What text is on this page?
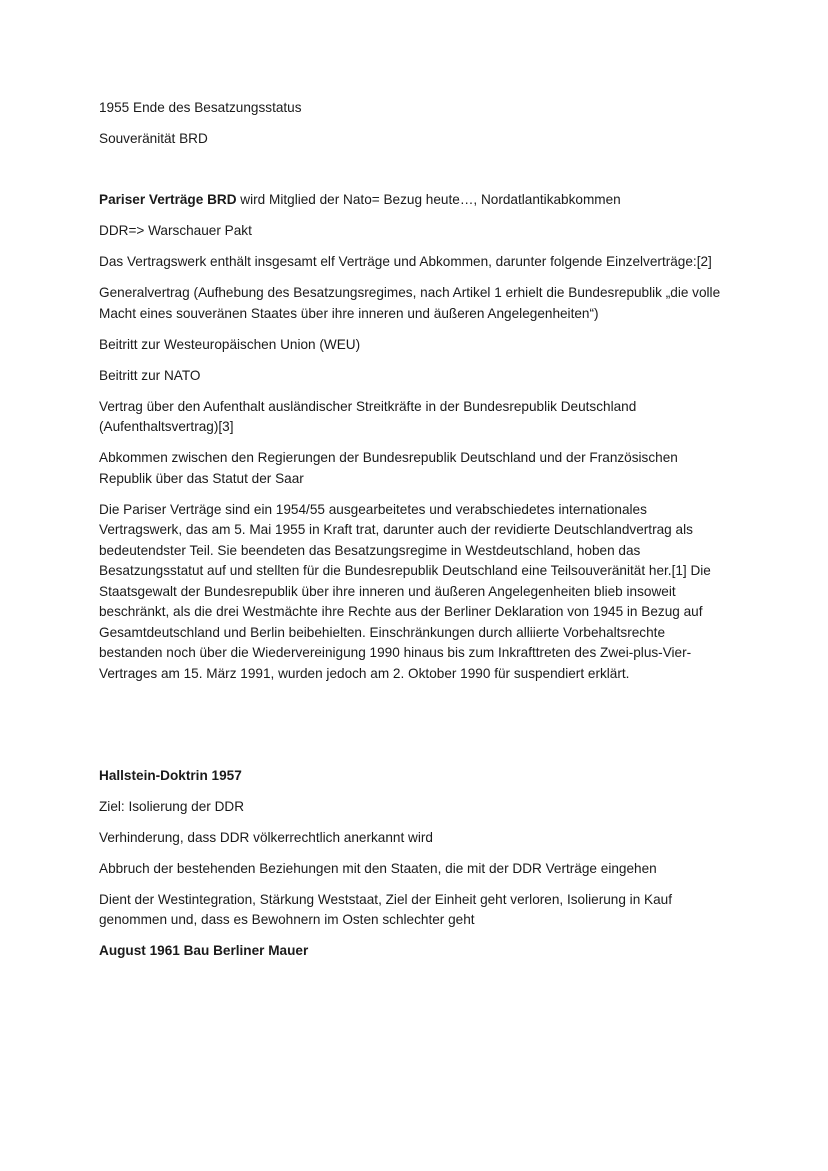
1955 Ende des Besatzungsstatus

Souveränität BRD

Pariser Verträge BRD wird Mitglied der Nato= Bezug heute…, Nordatlantikabkommen

DDR=> Warschauer Pakt

Das Vertragswerk enthält insgesamt elf Verträge und Abkommen, darunter folgende Einzelverträge:[2]

Generalvertrag (Aufhebung des Besatzungsregimes, nach Artikel 1 erhielt die Bundesrepublik „die volle Macht eines souveränen Staates über ihre inneren und äußeren Angelegenheiten“)

Beitritt zur Westeuropäischen Union (WEU)

Beitritt zur NATO

Vertrag über den Aufenthalt ausländischer Streitkräfte in der Bundesrepublik Deutschland (Aufenthaltsvertrag)[3]

Abkommen zwischen den Regierungen der Bundesrepublik Deutschland und der Französischen Republik über das Statut der Saar

Die Pariser Verträge sind ein 1954/55 ausgearbeitetes und verabschiedetes internationales Vertragswerk, das am 5. Mai 1955 in Kraft trat, darunter auch der revidierte Deutschlandvertrag als bedeutendster Teil. Sie beendeten das Besatzungsregime in Westdeutschland, hoben das Besatzungsstatut auf und stellten für die Bundesrepublik Deutschland eine Teilsouveränität her.[1] Die Staatsgewalt der Bundesrepublik über ihre inneren und äußeren Angelegenheiten blieb insoweit beschränkt, als die drei Westmächte ihre Rechte aus der Berliner Deklaration von 1945 in Bezug auf Gesamtdeutschland und Berlin beibehielten. Einschränkungen durch alliierte Vorbehaltsrechte bestanden noch über die Wiedervereinigung 1990 hinaus bis zum Inkrafttreten des Zwei-plus-Vier-Vertrages am 15. März 1991, wurden jedoch am 2. Oktober 1990 für suspendiert erklärt.

Hallstein-Doktrin 1957

Ziel: Isolierung der DDR

Verhinderung, dass DDR völkerrechtlich anerkannt wird

Abbruch der bestehenden Beziehungen mit den Staaten, die mit der DDR Verträge eingehen

Dient der Westintegration, Stärkung Weststaat, Ziel der Einheit geht verloren, Isolierung in Kauf genommen und, dass es Bewohnern im Osten schlechter geht

August 1961 Bau Berliner Mauer
